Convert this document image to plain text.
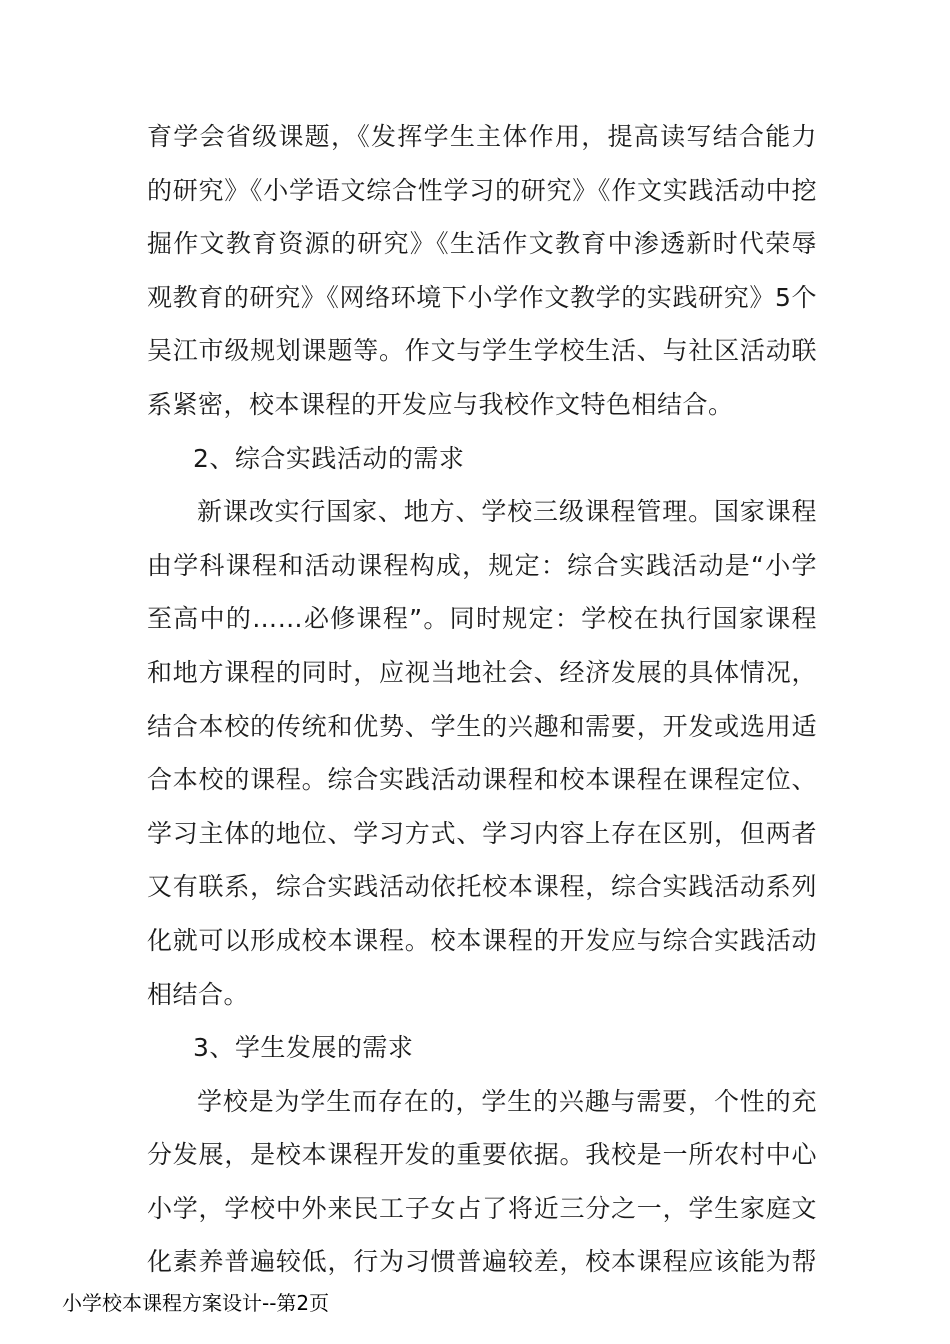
育学会省级课题，《发挥学生主体作用，提高读写结合能力
的研究》《小学语文综合性学习的研究》《作文实践活动中挖
掘作文教育资源的研究》《生活作文教育中渗透新时代荣辱
观教育的研究》《网络环境下小学作文教学的实践研究》5个
吴江市级规划课题等。作文与学生学校生活、与社区活动联
系紧密，校本课程的开发应与我校作文特色相结合。
2、综合实践活动的需求
新课改实行国家、地方、学校三级课程管理。国家课程
由学科课程和活动课程构成，规定：综合实践活动是“小学
至高中的……必修课程”。同时规定：学校在执行国家课程
和地方课程的同时，应视当地社会、经济发展的具体情况，
结合本校的传统和优势、学生的兴趣和需要，开发或选用适
合本校的课程。综合实践活动课程和校本课程在课程定位、
学习主体的地位、学习方式、学习内容上存在区别，但两者
又有联系，综合实践活动依托校本课程，综合实践活动系列
化就可以形成校本课程。校本课程的开发应与综合实践活动
相结合。
3、学生发展的需求
学校是为学生而存在的，学生的兴趣与需要，个性的充
分发展，是校本课程开发的重要依据。我校是一所农村中心
小学，学校中外来民工子女占了将近三分之一，学生家庭文
化素养普遍较低，行为习惯普遍较差，校本课程应该能为帮
小学校本课程方案设计--第2页
